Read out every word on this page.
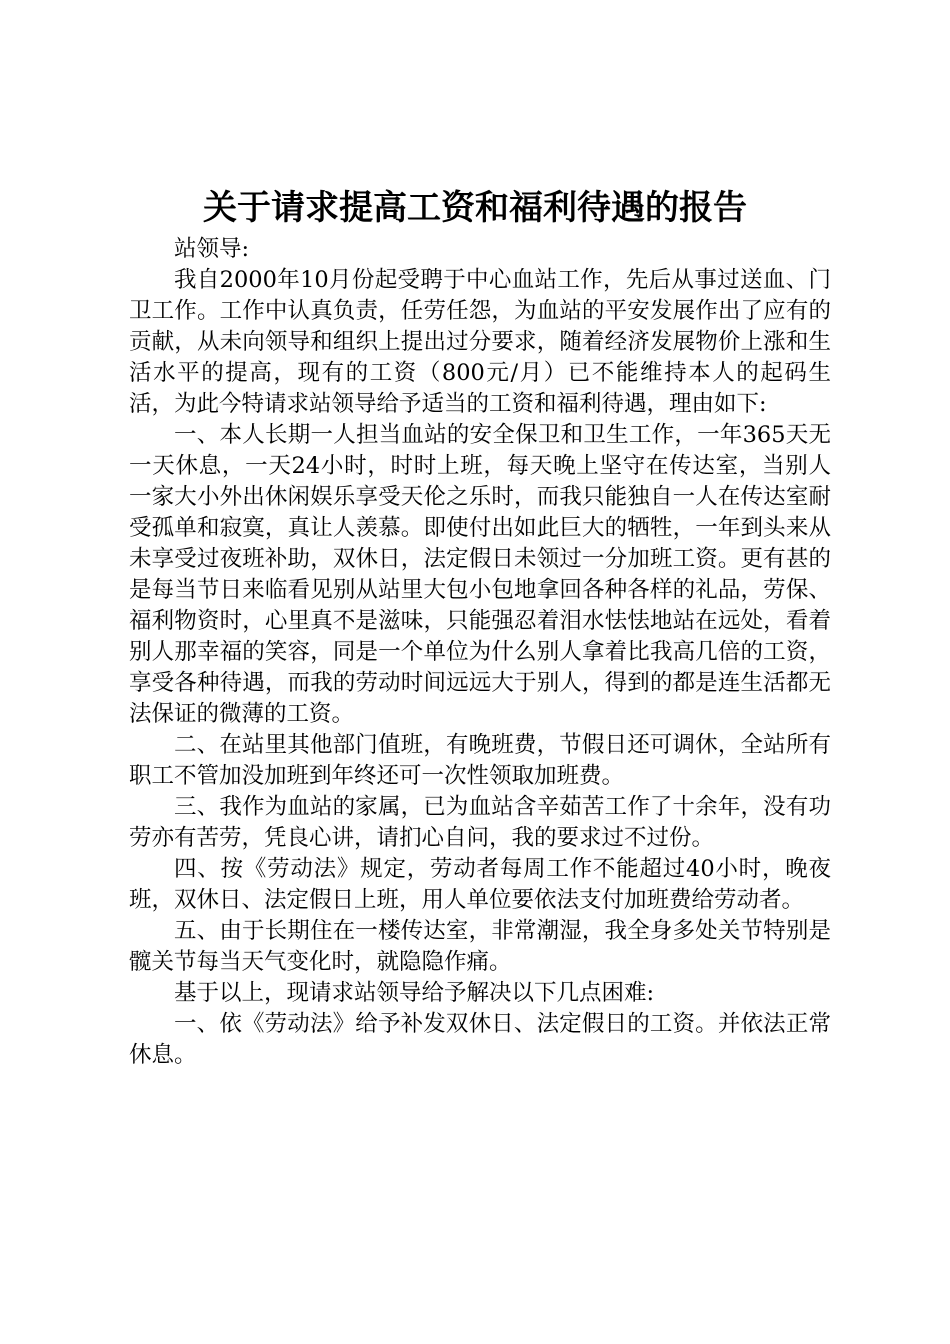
关于请求提高工资和福利待遇的报告

站领导:

我自2000年10月份起受聘于中心血站工作，先后从事过送血、门卫工作。工作中认真负责，任劳任怨，为血站的平安发展作出了应有的贡献，从未向领导和组织上提出过分要求，随着经济发展物价上涨和生活水平的提高，现有的工资（800元/月）已不能维持本人的起码生活，为此今特请求站领导给予适当的工资和福利待遇，理由如下:

一、本人长期一人担当血站的安全保卫和卫生工作，一年365天无一天休息，一天24小时，时时上班，每天晚上坚守在传达室，当别人一家大小外出休闲娱乐享受天伦之乐时，而我只能独自一人在传达室耐受孤单和寂寞，真让人羡慕。即使付出如此巨大的牺牲，一年到头来从未享受过夜班补助，双休日，法定假日未领过一分加班工资。更有甚的是每当节日来临看见别从站里大包小包地拿回各种各样的礼品，劳保、福利物资时，心里真不是滋味，只能强忍着泪水怯怯地站在远处，看着别人那幸福的笑容，同是一个单位为什么别人拿着比我高几倍的工资，享受各种待遇，而我的劳动时间远远大于别人，得到的都是连生活都无法保证的微薄的工资。

二、在站里其他部门值班，有晚班费，节假日还可调休，全站所有职工不管加没加班到年终还可一次性领取加班费。

三、我作为血站的家属，已为血站含辛茹苦工作了十余年，没有功劳亦有苦劳，凭良心讲，请扪心自问，我的要求过不过份。

四、按《劳动法》规定，劳动者每周工作不能超过40小时，晚夜班，双休日、法定假日上班，用人单位要依法支付加班费给劳动者。

五、由于长期住在一楼传达室，非常潮湿，我全身多处关节特别是髋关节每当天气变化时，就隐隐作痛。

基于以上，现请求站领导给予解决以下几点困难:

一、依《劳动法》给予补发双休日、法定假日的工资。并依法正常休息。
